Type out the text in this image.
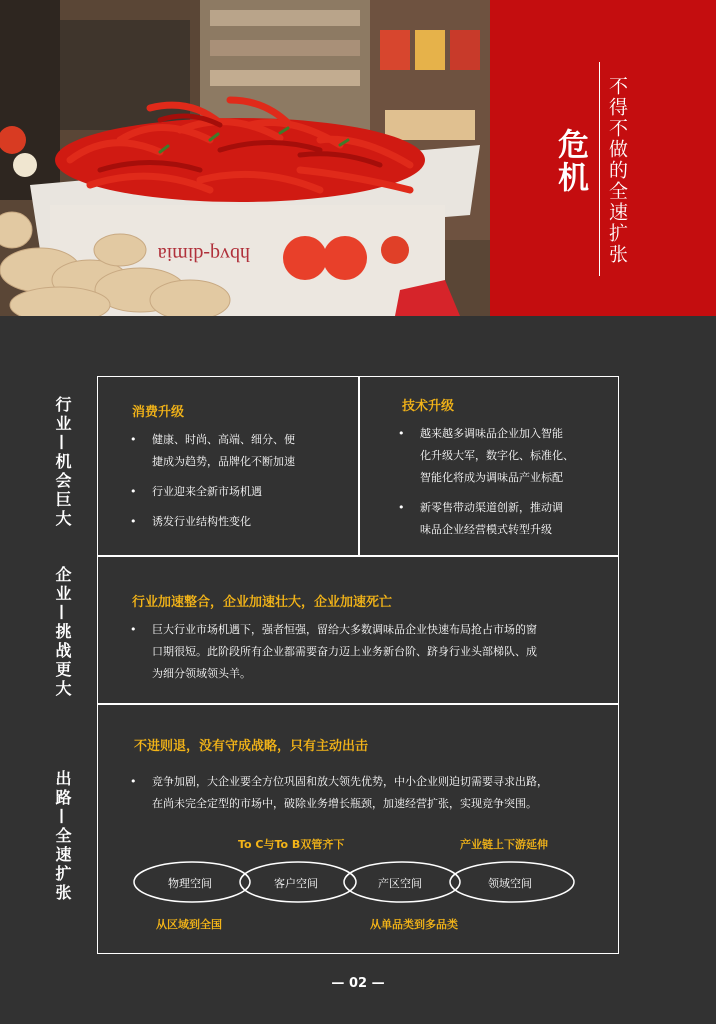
hbvq-dimia
危机 不得不做的全速扩张
行业—机会巨大
企业—挑战更大
出路—全速扩张
消费升级
• 健康、时尚、高端、细分、便
捷成为趋势，品牌化不断加速
• 行业迎来全新市场机遇
• 诱发行业结构性变化
技术升级
• 越来越多调味品企业加入智能
化升级大军，数字化、标准化、
智能化将成为调味品产业标配
• 新零售带动渠道创新，推动调
味品企业经营模式转型升级
行业加速整合，企业加速壮大，企业加速死亡
• 巨大行业市场机遇下，强者恒强，留给大多数调味品企业快速布局抢占市场的窗
口期很短。此阶段所有企业都需要奋力迈上业务新台阶、跻身行业头部梯队、成
为细分领域领头羊。
不进则退，没有守成战略，只有主动出击
• 竞争加剧，大企业要全方位巩固和放大领先优势，中小企业则迫切需要寻求出路，
在尚未完全定型的市场中，破除业务增长瓶颈，加速经营扩张，实现竞争突围。
To C与To B双管齐下	产业链上下游延伸
物理空间	客户空间	产区空间	领域空间
从区域到全国	从单品类到多品类
— 02 —
